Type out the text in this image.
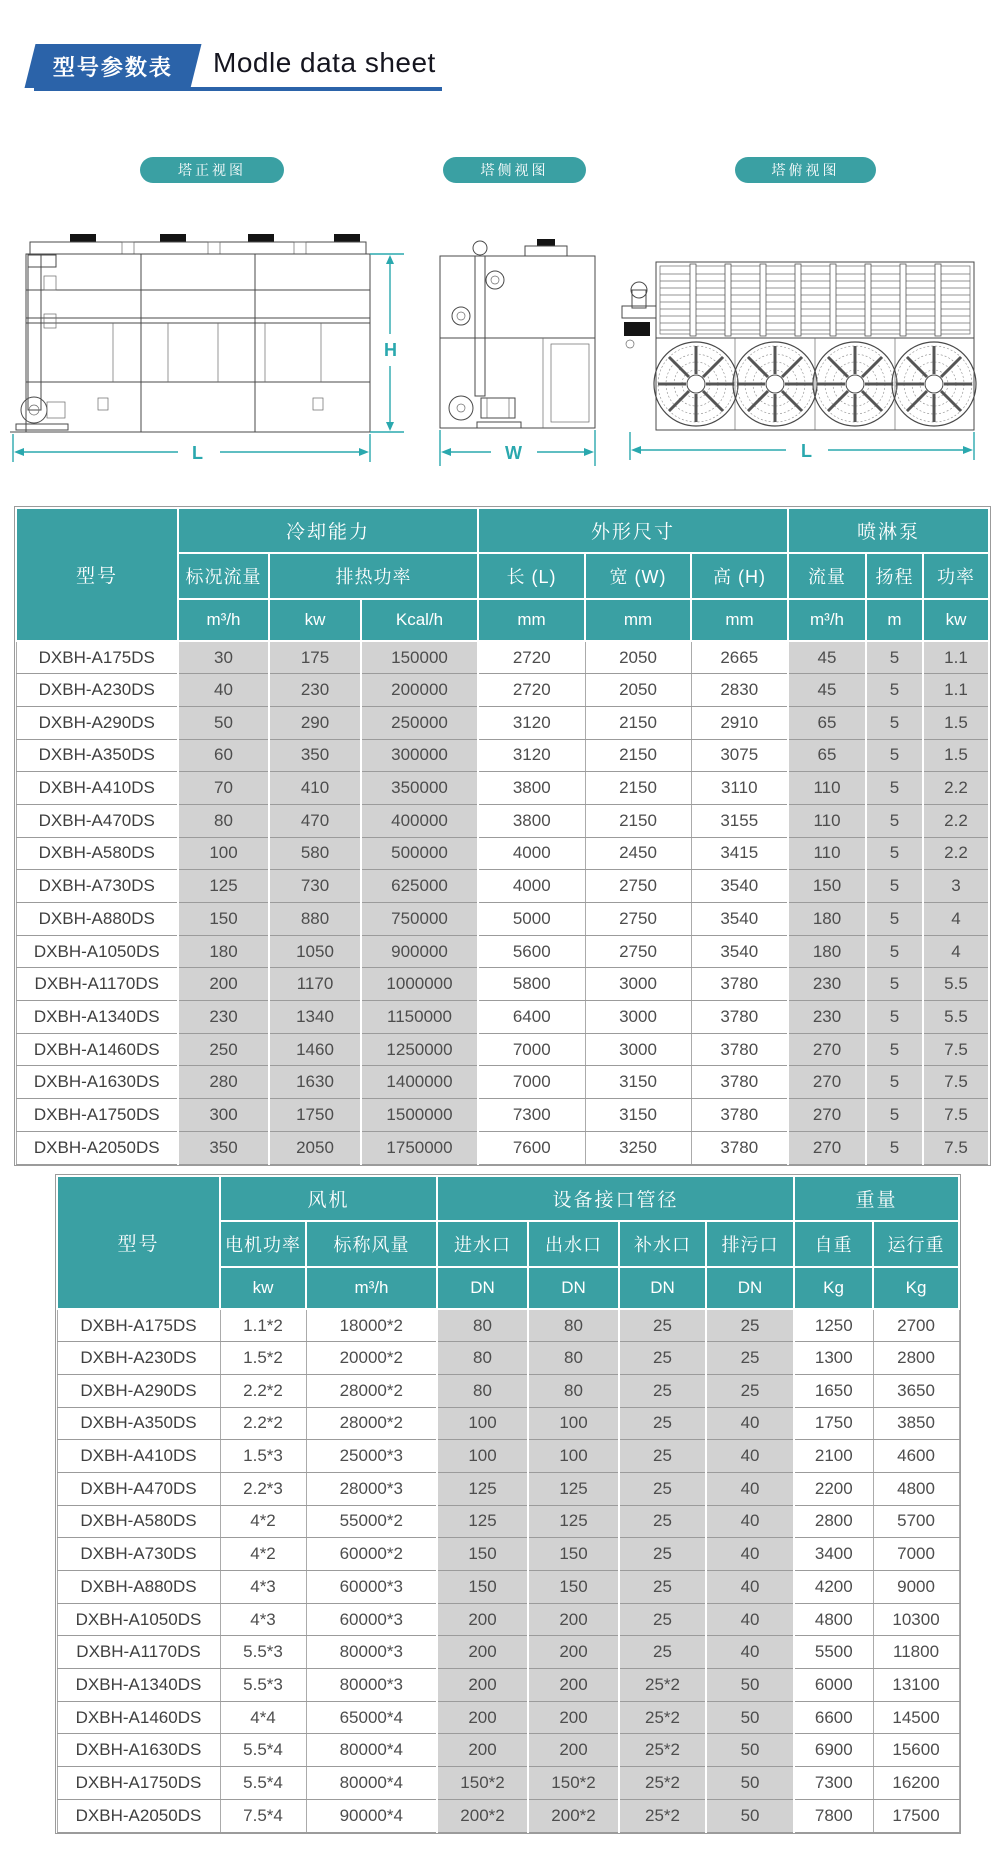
型号参数表 Modle data sheet
塔正视图	塔侧视图	塔俯视图
H
L	W	L
型号	冷却能力			外形尺寸			喷淋泵		
	标况流量	排热功率		长 (L)	宽 (W)	高 (H)	流量	扬程	功率
	m³/h	kw	Kcal/h	mm	mm	mm	m³/h	m	kw
DXBH-A175DS	30	175	150000	2720	2050	2665	45	5	1.1
DXBH-A230DS	40	230	200000	2720	2050	2830	45	5	1.1
DXBH-A290DS	50	290	250000	3120	2150	2910	65	5	1.5
DXBH-A350DS	60	350	300000	3120	2150	3075	65	5	1.5
DXBH-A410DS	70	410	350000	3800	2150	3110	110	5	2.2
DXBH-A470DS	80	470	400000	3800	2150	3155	110	5	2.2
DXBH-A580DS	100	580	500000	4000	2450	3415	110	5	2.2
DXBH-A730DS	125	730	625000	4000	2750	3540	150	5	3
DXBH-A880DS	150	880	750000	5000	2750	3540	180	5	4
DXBH-A1050DS	180	1050	900000	5600	2750	3540	180	5	4
DXBH-A1170DS	200	1170	1000000	5800	3000	3780	230	5	5.5
DXBH-A1340DS	230	1340	1150000	6400	3000	3780	230	5	5.5
DXBH-A1460DS	250	1460	1250000	7000	3000	3780	270	5	7.5
DXBH-A1630DS	280	1630	1400000	7000	3150	3780	270	5	7.5
DXBH-A1750DS	300	1750	1500000	7300	3150	3780	270	5	7.5
DXBH-A2050DS	350	2050	1750000	7600	3250	3780	270	5	7.5
型号	风机		设备接口管径				重量	
	电机功率	标称风量	进水口	出水口	补水口	排污口	自重	运行重
	kw	m³/h	DN	DN	DN	DN	Kg	Kg
DXBH-A175DS	1.1*2	18000*2	80	80	25	25	1250	2700
DXBH-A230DS	1.5*2	20000*2	80	80	25	25	1300	2800
DXBH-A290DS	2.2*2	28000*2	80	80	25	25	1650	3650
DXBH-A350DS	2.2*2	28000*2	100	100	25	40	1750	3850
DXBH-A410DS	1.5*3	25000*3	100	100	25	40	2100	4600
DXBH-A470DS	2.2*3	28000*3	125	125	25	40	2200	4800
DXBH-A580DS	4*2	55000*2	125	125	25	40	2800	5700
DXBH-A730DS	4*2	60000*2	150	150	25	40	3400	7000
DXBH-A880DS	4*3	60000*3	150	150	25	40	4200	9000
DXBH-A1050DS	4*3	60000*3	200	200	25	40	4800	10300
DXBH-A1170DS	5.5*3	80000*3	200	200	25	40	5500	11800
DXBH-A1340DS	5.5*3	80000*3	200	200	25*2	50	6000	13100
DXBH-A1460DS	4*4	65000*4	200	200	25*2	50	6600	14500
DXBH-A1630DS	5.5*4	80000*4	200	200	25*2	50	6900	15600
DXBH-A1750DS	5.5*4	80000*4	150*2	150*2	25*2	50	7300	16200
DXBH-A2050DS	7.5*4	90000*4	200*2	200*2	25*2	50	7800	17500
